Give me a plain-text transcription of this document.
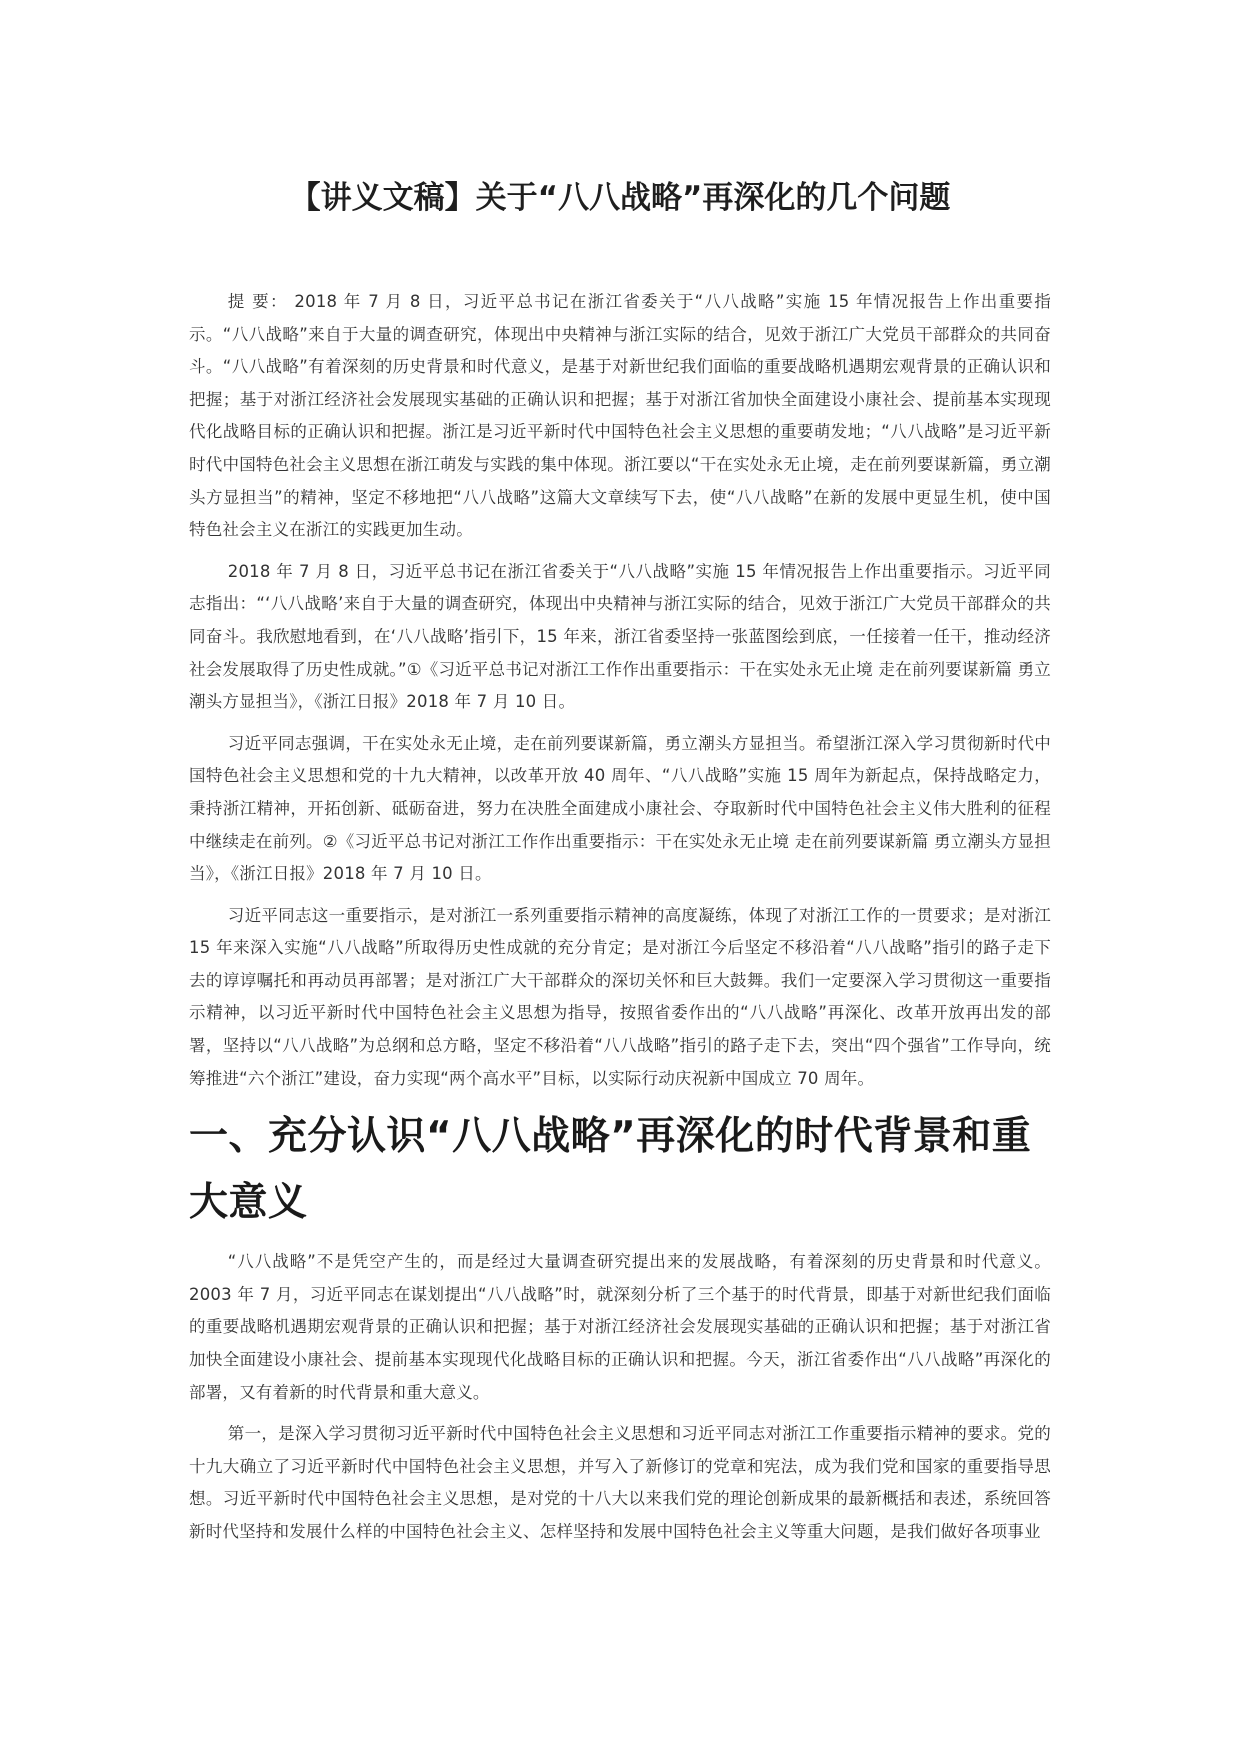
【讲义文稿】关于“八八战略”再深化的几个问题

提 要： 2018 年 7 月 8 日，习近平总书记在浙江省委关于“八八战略”实施 15 年情况报告上作出重要指示。“八八战略”来自于大量的调查研究，体现出中央精神与浙江实际的结合，见效于浙江广大党员干部群众的共同奋斗。“八八战略”有着深刻的历史背景和时代意义，是基于对新世纪我们面临的重要战略机遇期宏观背景的正确认识和把握；基于对浙江经济社会发展现实基础的正确认识和把握；基于对浙江省加快全面建设小康社会、提前基本实现现代化战略目标的正确认识和把握。浙江是习近平新时代中国特色社会主义思想的重要萌发地；“八八战略”是习近平新时代中国特色社会主义思想在浙江萌发与实践的集中体现。浙江要以“干在实处永无止境，走在前列要谋新篇，勇立潮头方显担当”的精神，坚定不移地把“八八战略”这篇大文章续写下去，使“八八战略”在新的发展中更显生机，使中国特色社会主义在浙江的实践更加生动。

2018 年 7 月 8 日，习近平总书记在浙江省委关于“八八战略”实施 15 年情况报告上作出重要指示。习近平同志指出：“‘八八战略’来自于大量的调查研究，体现出中央精神与浙江实际的结合，见效于浙江广大党员干部群众的共同奋斗。我欣慰地看到，在‘八八战略’指引下，15 年来，浙江省委坚持一张蓝图绘到底，一任接着一任干，推动经济社会发展取得了历史性成就。”①《习近平总书记对浙江工作作出重要指示：干在实处永无止境 走在前列要谋新篇 勇立潮头方显担当》，《浙江日报》2018 年 7 月 10 日。

习近平同志强调，干在实处永无止境，走在前列要谋新篇，勇立潮头方显担当。希望浙江深入学习贯彻新时代中国特色社会主义思想和党的十九大精神，以改革开放 40 周年、“八八战略”实施 15 周年为新起点，保持战略定力，秉持浙江精神，开拓创新、砥砺奋进，努力在决胜全面建成小康社会、夺取新时代中国特色社会主义伟大胜利的征程中继续走在前列。②《习近平总书记对浙江工作作出重要指示：干在实处永无止境 走在前列要谋新篇 勇立潮头方显担当》，《浙江日报》2018 年 7 月 10 日。

习近平同志这一重要指示，是对浙江一系列重要指示精神的高度凝练，体现了对浙江工作的一贯要求；是对浙江 15 年来深入实施“八八战略”所取得历史性成就的充分肯定；是对浙江今后坚定不移沿着“八八战略”指引的路子走下去的谆谆嘱托和再动员再部署；是对浙江广大干部群众的深切关怀和巨大鼓舞。我们一定要深入学习贯彻这一重要指示精神，以习近平新时代中国特色社会主义思想为指导，按照省委作出的“八八战略”再深化、改革开放再出发的部署，坚持以“八八战略”为总纲和总方略，坚定不移沿着“八八战略”指引的路子走下去，突出“四个强省”工作导向，统筹推进“六个浙江”建设，奋力实现“两个高水平”目标，以实际行动庆祝新中国成立 70 周年。

一、充分认识“八八战略”再深化的时代背景和重大意义

“八八战略”不是凭空产生的，而是经过大量调查研究提出来的发展战略，有着深刻的历史背景和时代意义。2003 年 7 月，习近平同志在谋划提出“八八战略”时，就深刻分析了三个基于的时代背景，即基于对新世纪我们面临的重要战略机遇期宏观背景的正确认识和把握；基于对浙江经济社会发展现实基础的正确认识和把握；基于对浙江省加快全面建设小康社会、提前基本实现现代化战略目标的正确认识和把握。今天，浙江省委作出“八八战略”再深化的部署，又有着新的时代背景和重大意义。

第一，是深入学习贯彻习近平新时代中国特色社会主义思想和习近平同志对浙江工作重要指示精神的要求。党的十九大确立了习近平新时代中国特色社会主义思想，并写入了新修订的党章和宪法，成为我们党和国家的重要指导思想。习近平新时代中国特色社会主义思想，是对党的十八大以来我们党的理论创新成果的最新概括和表述，系统回答新时代坚持和发展什么样的中国特色社会主义、怎样坚持和发展中国特色社会主义等重大问题，是我们做好各项事业
